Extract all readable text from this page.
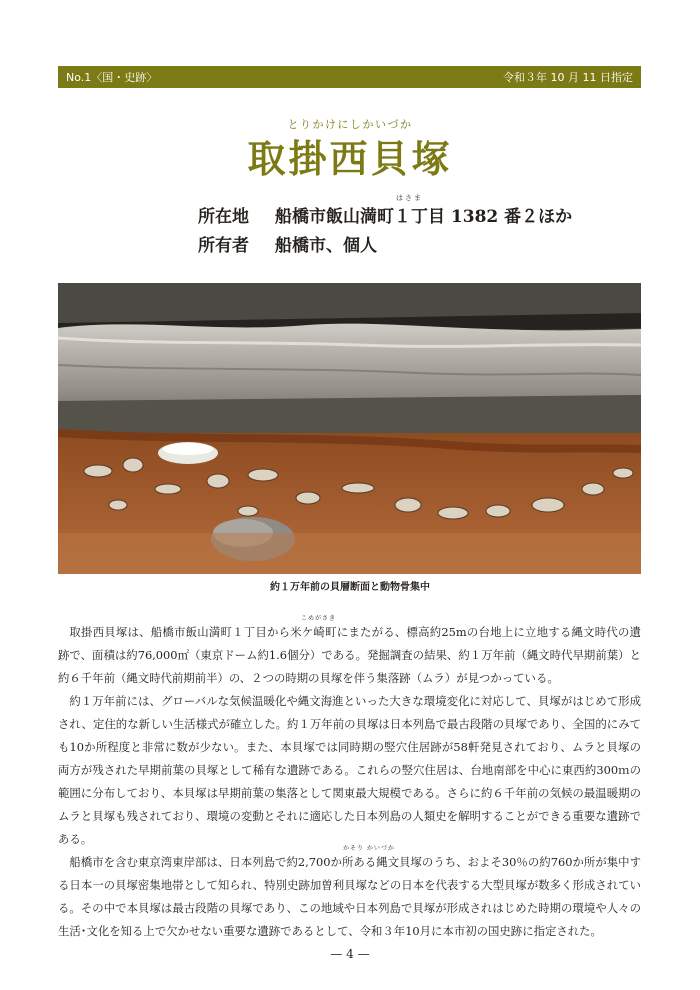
No.1〈国・史跡〉	令和３年 10 月 11 日指定
とりかけにしかいづか
取掛西貝塚
はさま
所在地 船橋市飯山満町１丁目 1382 番２ほか
所有者 船橋市、個人
約１万年前の貝層断面と動物骨集中
こめがさき
かそり かいづか

取掛西貝塚は、船橋市飯山満町１丁目から米ケ崎町にまたがる、標高約25mの台地上に立地する縄文時代の遺跡で、面積は約76,000㎡（東京ドーム約1.6個分）である。発掘調査の結果、約１万年前（縄文時代早期前葉）と約６千年前（縄文時代前期前半）の、２つの時期の貝塚を伴う集落跡（ムラ）が見つかっている。

約１万年前には、グローバルな気候温暖化や縄文海進といった大きな環境変化に対応して、貝塚がはじめて形成され、定住的な新しい生活様式が確立した。約１万年前の貝塚は日本列島で最古段階の貝塚であり、全国的にみても10か所程度と非常に数が少ない。また、本貝塚では同時期の竪穴住居跡が58軒発見されており、ムラと貝塚の両方が残された早期前葉の貝塚として稀有な遺跡である。これらの竪穴住居は、台地南部を中心に東西約300ｍの範囲に分布しており、本貝塚は早期前葉の集落として関東最大規模である。さらに約６千年前の気候の最温暖期のムラと貝塚も残されており、環境の変動とそれに適応した日本列島の人類史を解明することができる重要な遺跡である。

船橋市を含む東京湾東岸部は、日本列島で約2,700か所ある縄文貝塚のうち、およそ30％の約760か所が集中する日本一の貝塚密集地帯として知られ、特別史跡加曽利貝塚などの日本を代表する大型貝塚が数多く形成されている。その中で本貝塚は最古段階の貝塚であり、この地域や日本列島で貝塚が形成されはじめた時期の環境や人々の生活･文化を知る上で欠かせない重要な遺跡であるとして、令和３年10月に本市初の国史跡に指定された。

— 4 —
